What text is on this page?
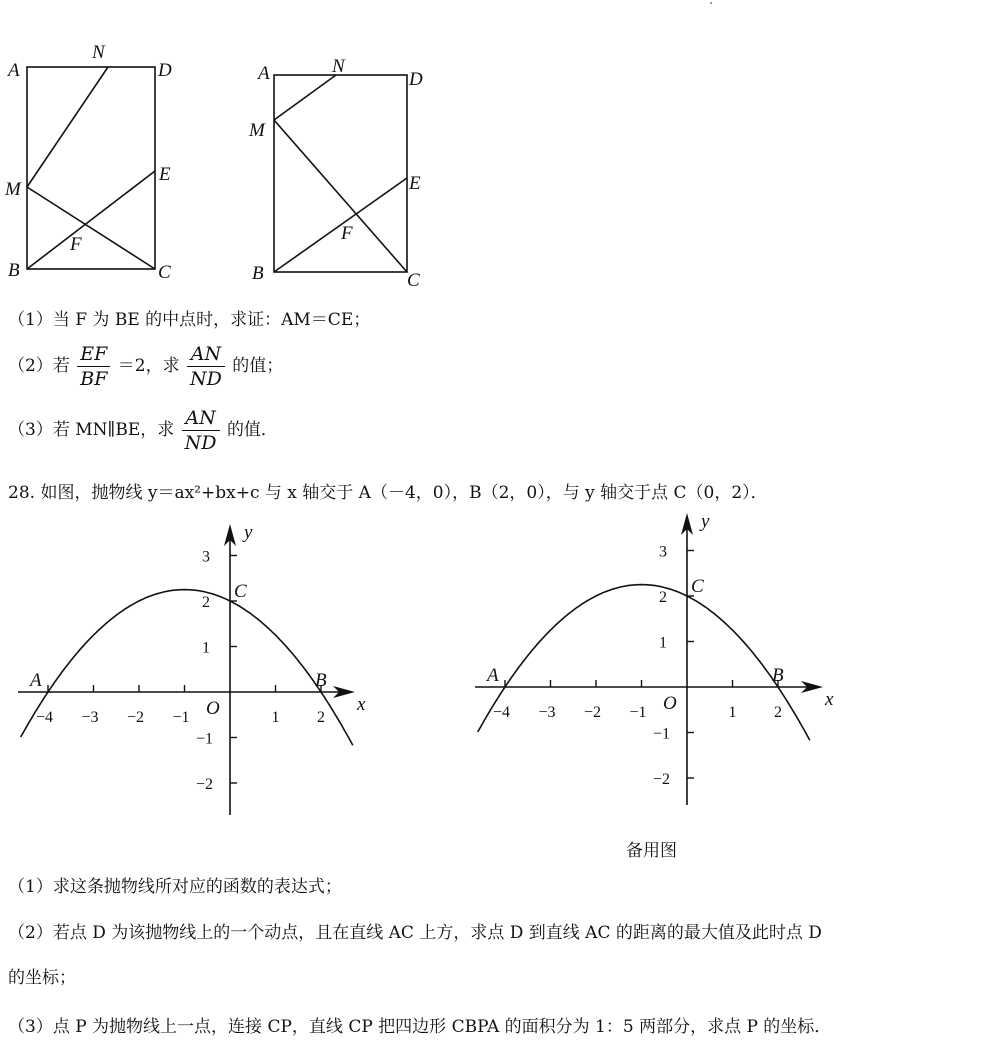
A
N
D
M
E
F
B	C
A	N
D
M
E
F
B	C
（1）当 F 为 BE 的中点时，求证：AM＝CE；
（2）若 $\frac{EF}{BF} =2$，求 $\frac{AN}{ND}$ 的值；
（3）若 MN∥BE，求 $\frac{AN}{ND}$ 的值．
28. 如图，抛物线 y＝ax²+bx+c 与 x 轴交于 A（－4，0），B（2，0），与 y 轴交于点 C（0，2）．
x
y
−4 −3 −2 −1	1 2
3
2
1
−1
−2
A	B
C
O	x
y
−4 −3 −2 −1	1 2
3
2
1
−1
−2
A	B
C
O
备用图
（1）求这条抛物线所对应的函数的表达式；
（2）若点 D 为该抛物线上的一个动点，且在直线 AC 上方，求点 D 到直线 AC 的距离的最大值及此时点 D
的坐标；
（3）点 P 为抛物线上一点，连接 CP，直线 CP 把四边形 CBPA 的面积分为 1：5 两部分，求点 P 的坐标．
